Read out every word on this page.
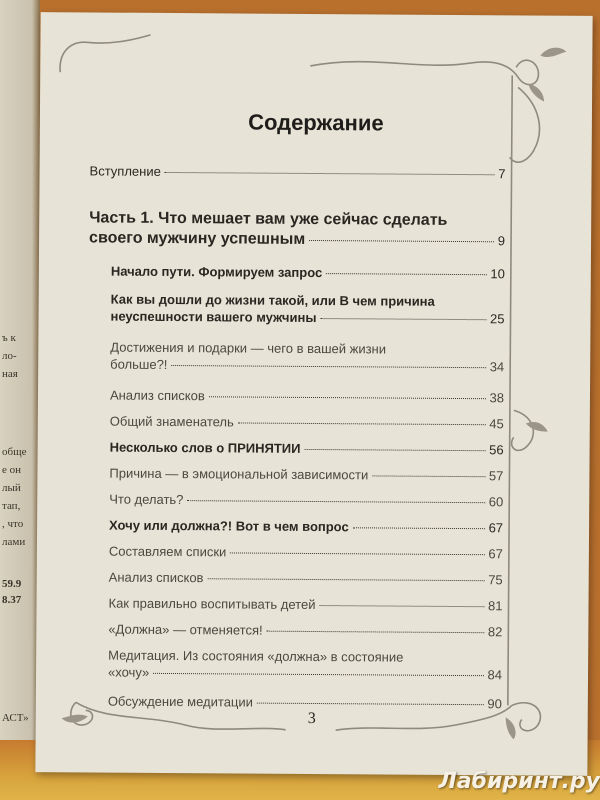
ъ к
ло-
ная
обще
е он
лый
тап,
, что
лами
59.9
8.37
АСТ»
Содержание
Вступление	7
Часть 1. Что мешает вам уже сейчас сделать
своего мужчину успешным	9
Начало пути. Формируем запрос	10
Как вы дошли до жизни такой, или В чем причина
неуспешности вашего мужчины	25
Достижения и подарки — чего в вашей жизни
больше?!	34
Анализ списков	38
Общий знаменатель	45
Несколько слов о ПРИНЯТИИ	56
Причина — в эмоциональной зависимости	57
Что делать?	60
Хочу или должна?! Вот в чем вопрос	67
Составляем списки	67
Анализ списков	75
Как правильно воспитывать детей	81
«Должна» — отменяется!	82
Медитация. Из состояния «должна» в состояние
«хочу»	84
Обсуждение медитации	90
3
Лабиринт.ру
